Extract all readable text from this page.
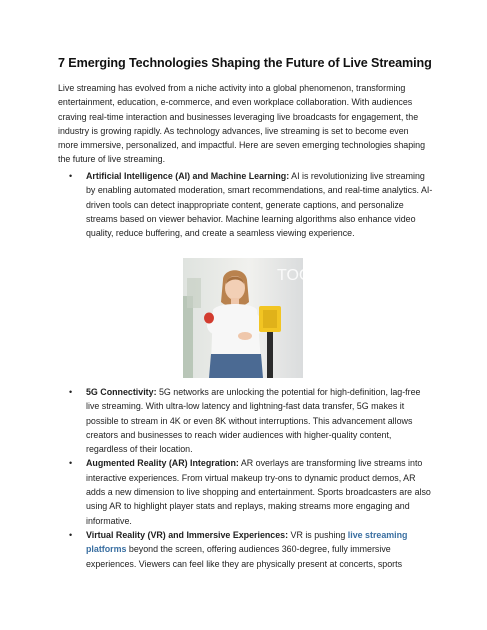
7 Emerging Technologies Shaping the Future of Live Streaming

Live streaming has evolved from a niche activity into a global phenomenon, transforming entertainment, education, e-commerce, and even workplace collaboration. With audiences craving real-time interaction and businesses leveraging live broadcasts for engagement, the industry is growing rapidly. As technology advances, live streaming is set to become even more immersive, personalized, and impactful. Here are seven emerging technologies shaping the future of live streaming.

• Artificial Intelligence (AI) and Machine Learning: AI is revolutionizing live streaming by enabling automated moderation, smart recommendations, and real-time analytics. AI-driven tools can detect inappropriate content, generate captions, and personalize streams based on viewer behavior. Machine learning algorithms also enhance video quality, reduce buffering, and create a seamless viewing experience.
TOGE
• 5G Connectivity: 5G networks are unlocking the potential for high-definition, lag-free live streaming. With ultra-low latency and lightning-fast data transfer, 5G makes it possible to stream in 4K or even 8K without interruptions. This advancement allows creators and businesses to reach wider audiences with higher-quality content, regardless of their location.
• Augmented Reality (AR) Integration: AR overlays are transforming live streams into interactive experiences. From virtual makeup try-ons to dynamic product demos, AR adds a new dimension to live shopping and entertainment. Sports broadcasters are also using AR to highlight player stats and replays, making streams more engaging and informative.
• Virtual Reality (VR) and Immersive Experiences: VR is pushing live streaming platforms beyond the screen, offering audiences 360-degree, fully immersive experiences. Viewers can feel like they are physically present at concerts, sports
